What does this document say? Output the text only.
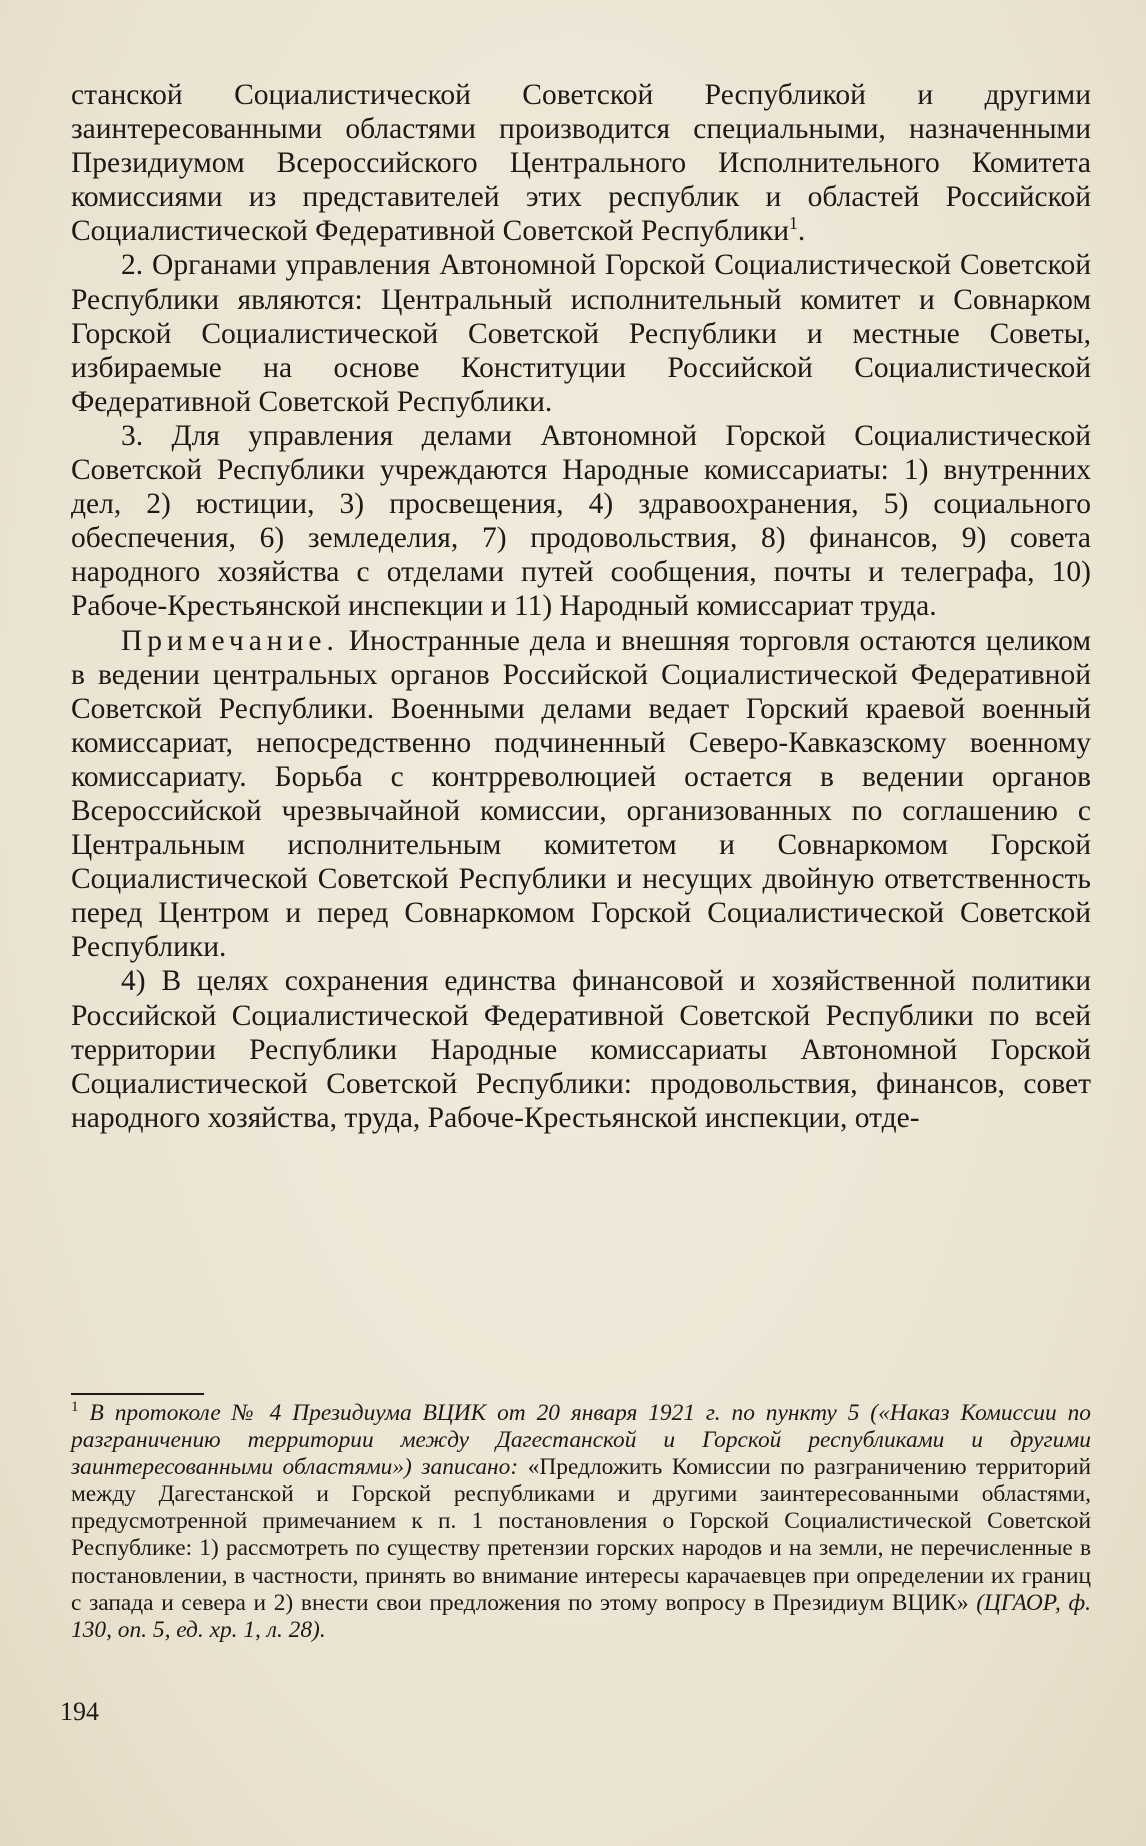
станской Социалистической Советской Республикой и другими заинтересованными областями производится специальными, назначенными Президиумом Всероссийского Центрального Исполнительного Комитета комиссиями из представителей этих республик и областей Российской Социалистической Федеративной Советской Республики$^1$.

2. Органами управления Автономной Горской Социалистической Советской Республики являются: Центральный исполнительный комитет и Совнарком Горской Социалистической Советской Республики и местные Советы, избираемые на основе Конституции Российской Социалистической Федеративной Советской Республики.

3. Для управления делами Автономной Горской Социалистической Советской Республики учреждаются Народные комиссариаты: 1) внутренних дел, 2) юстиции, 3) просвещения, 4) здравоохранения, 5) социального обеспечения, 6) земледелия, 7) продовольствия, 8) финансов, 9) совета народного хозяйства с отделами путей сообщения, почты и телеграфа, 10) Рабоче-Крестьянской инспекции и 11) Народный комиссариат труда.

Примечание. Иностранные дела и внешняя торговля остаются целиком в ведении центральных органов Российской Социалистической Федеративной Советской Республики. Военными делами ведает Горский краевой военный комиссариат, непосредственно подчиненный Северо-Кавказскому военному комиссариату. Борьба с контрреволюцией остается в ведении органов Всероссийской чрезвычайной комиссии, организованных по соглашению с Центральным исполнительным комитетом и Совнаркомом Горской Социалистической Советской Республики и несущих двойную ответственность перед Центром и перед Совнаркомом Горской Социалистической Советской Республики.

4) В целях сохранения единства финансовой и хозяйственной политики Российской Социалистической Федеративной Советской Республики по всей территории Республики Народные комиссариаты Автономной Горской Социалистической Советской Республики: продовольствия, финансов, совет народного хозяйства, труда, Рабоче-Крестьянской инспекции, отде-

$^1$ В протоколе № 4 Президиума ВЦИК от 20 января 1921 г. по пункту 5 («Наказ Комиссии по разграничению территории между Дагестанской и Горской республиками и другими заинтересованными областями») записано: «Предложить Комиссии по разграничению территорий между Дагестанской и Горской республиками и другими заинтересованными областями, предусмотренной примечанием к п. 1 постановления о Горской Социалистической Советской Республике: 1) рассмотреть по существу претензии горских народов и на земли, не перечисленные в постановлении, в частности, принять во внимание интересы карачаевцев при определении их границ с запада и севера и 2) внести свои предложения по этому вопросу в Президиум ВЦИК» (ЦГАОР, ф. 130, оп. 5, ед. хр. 1, л. 28).
194
